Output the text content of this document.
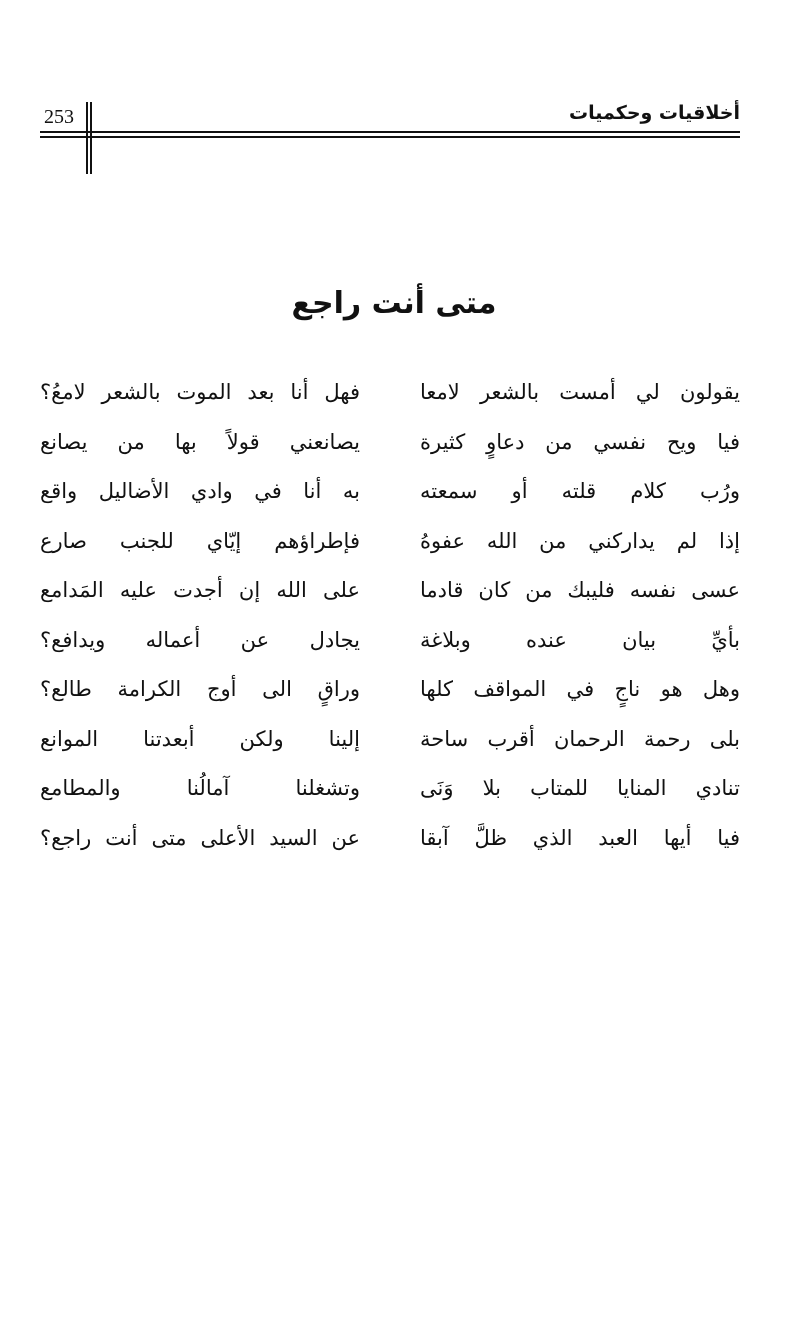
253	أخلاقيات وحكميات
متى أنت راجع
يقولون لي أمست بالشعر لامعا
فهل أنا بعد الموت بالشعر لامعُ؟
فيا ويح نفسي من دعاوٍ كثيرة
يصانعني قولاً بها من يصانع
ورُب كلام قلته أو سمعته
به أنا في وادي الأضاليل واقع
إذا لم يداركني من الله عفوهُ
فإطراؤهم إيّاي للجنب صارع
عسى نفسه فليبك من كان قادما
على الله إن أجدت عليه المَدامع
بأيِّ بيان عنده وبلاغة
يجادل عن أعماله ويدافع؟
وهل هو ناجٍ في المواقف كلها
وراقٍ الى أوج الكرامة طالع؟
بلى رحمة الرحمان أقرب ساحة
إلينا ولكن أبعدتنا الموانع
تنادي المنايا للمتاب بلا وَنَى
وتشغلنا آمالُنا والمطامع
فيا أيها العبد الذي ظلَّ آبقا
عن السيد الأعلى متى أنت راجع؟
